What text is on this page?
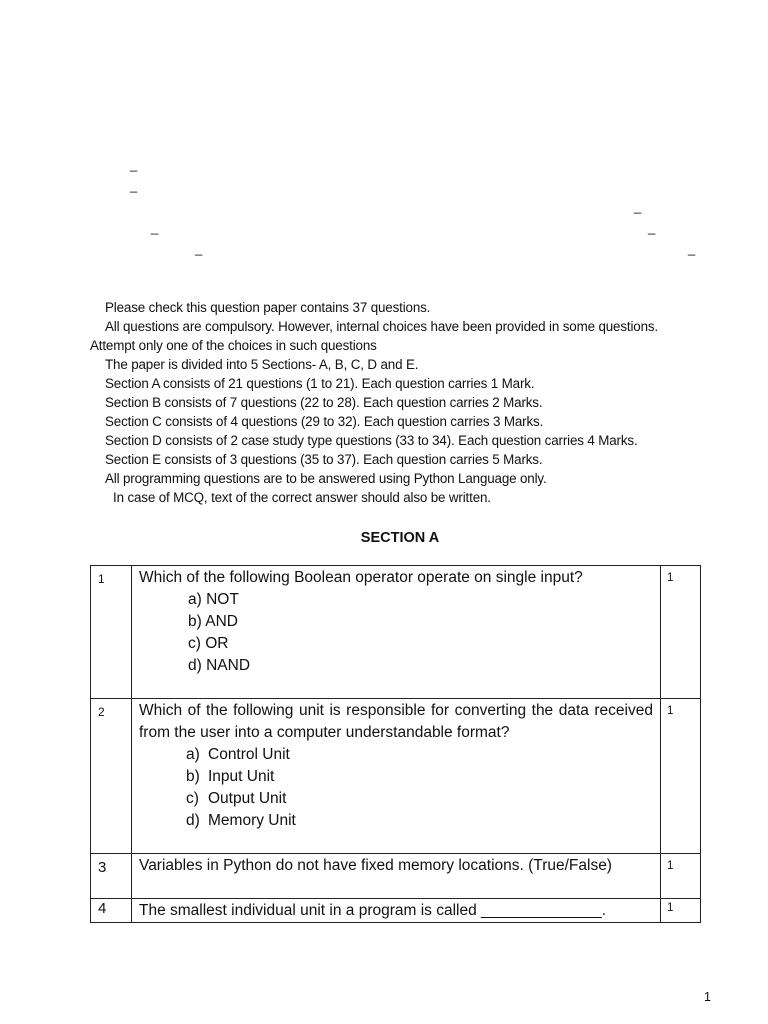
_
_
_
_	_
_	_
Please check this question paper contains 37 questions.
All questions are compulsory. However, internal choices have been provided in some questions.
Attempt only one of the choices in such questions
The paper is divided into 5 Sections- A, B, C, D and E.
Section A consists of 21 questions (1 to 21). Each question carries 1 Mark.
Section B consists of 7 questions (22 to 28). Each question carries 2 Marks.
Section C consists of 4 questions (29 to 32). Each question carries 3 Marks.
Section D consists of 2 case study type questions (33 to 34). Each question carries 4 Marks.
Section E consists of 3 questions (35 to 37). Each question carries 5 Marks.
All programming questions are to be answered using Python Language only.
In case of MCQ, text of the correct answer should also be written.
SECTION A
1	Which of the following Boolean operator operate on single input?
a) NOT
b) AND
c) OR
d) NAND	1
2	Which of the following unit is responsible for converting the data received from the user into a computer understandable format?
a) Control Unit
b) Input Unit
c) Output Unit
d) Memory Unit	1
3	Variables in Python do not have fixed memory locations. (True/False)	1
4	The smallest individual unit in a program is called ______________.	1
1
